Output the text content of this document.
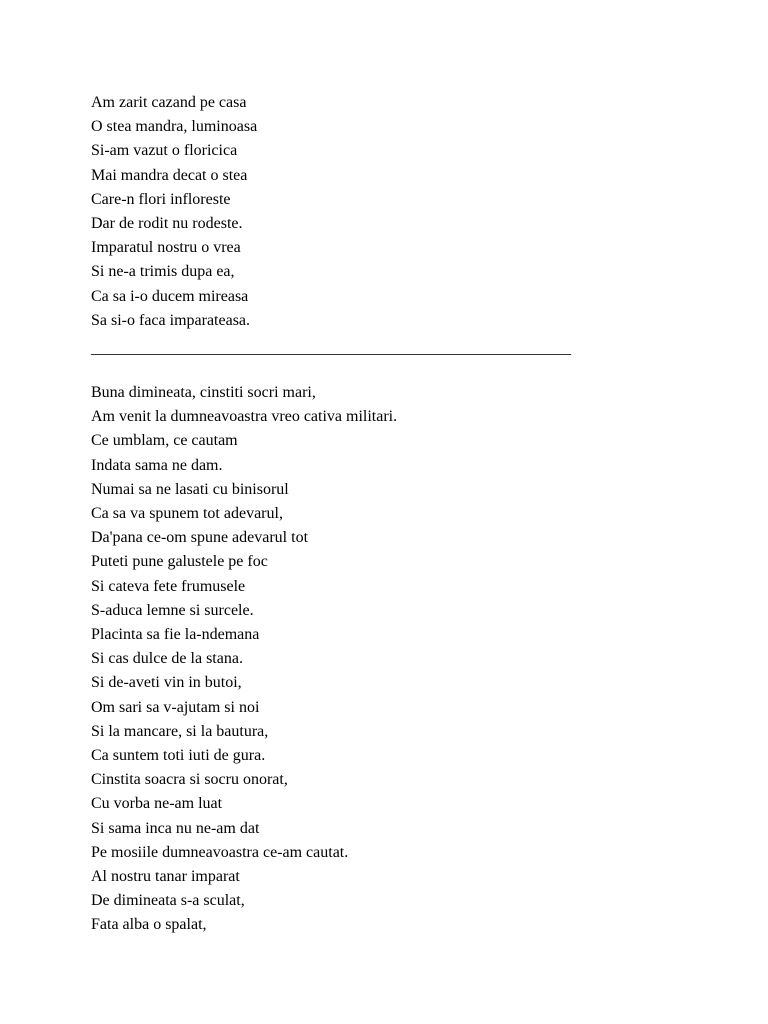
Am zarit cazand pe casa
O stea mandra, luminoasa
Si-am vazut o floricica
Mai mandra decat o stea
Care-n flori infloreste
Dar de rodit nu rodeste.
Imparatul nostru o vrea
Si ne-a trimis dupa ea,
Ca sa i-o ducem mireasa
Sa si-o faca imparateasa.
____________________________________________________________
Buna dimineata, cinstiti socri mari,
Am venit la dumneavoastra vreo cativa militari.
Ce umblam, ce cautam
Indata sama ne dam.
Numai sa ne lasati cu binisorul
Ca sa va spunem tot adevarul,
Da'pana ce-om spune adevarul tot
Puteti pune galustele pe foc
Si cateva fete frumusele
S-aduca lemne si surcele.
Placinta sa fie la-ndemana
Si cas dulce de la stana.
Si de-aveti vin in butoi,
Om sari sa v-ajutam si noi
Si la mancare, si la bautura,
Ca suntem toti iuti de gura.
Cinstita soacra si socru onorat,
Cu vorba ne-am luat
Si sama inca nu ne-am dat
Pe mosiile dumneavoastra ce-am cautat.
Al nostru tanar imparat
De dimineata s-a sculat,
Fata alba o spalat,
